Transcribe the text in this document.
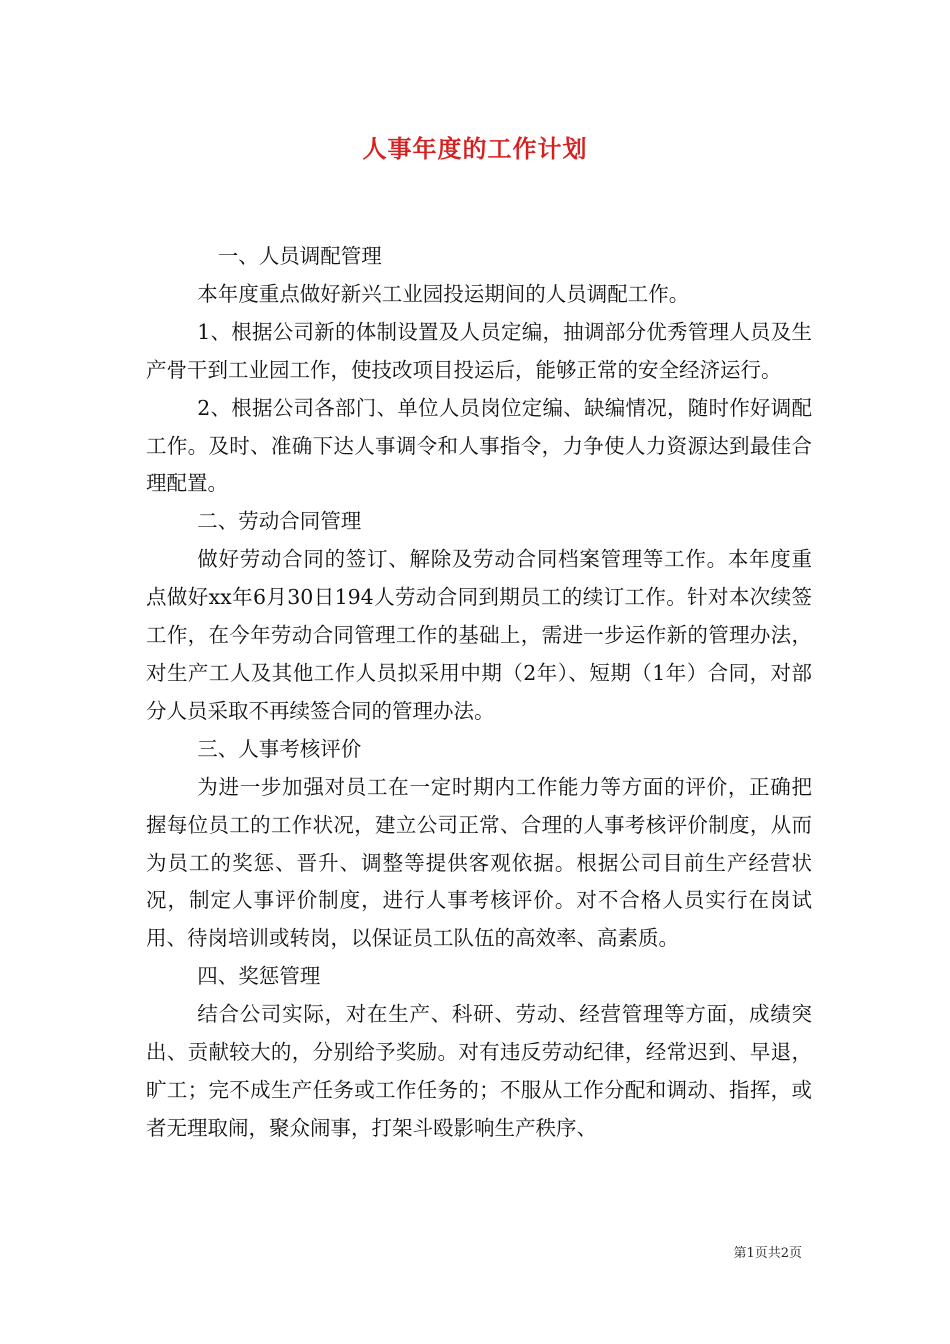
人事年度的工作计划

一、人员调配管理

本年度重点做好新兴工业园投运期间的人员调配工作。

1、根据公司新的体制设置及人员定编，抽调部分优秀管理人员及生产骨干到工业园工作，使技改项目投运后，能够正常的安全经济运行。

2、根据公司各部门、单位人员岗位定编、缺编情况，随时作好调配工作。及时、准确下达人事调令和人事指令，力争使人力资源达到最佳合理配置。

二、劳动合同管理

做好劳动合同的签订、解除及劳动合同档案管理等工作。本年度重点做好xx年6月30日194人劳动合同到期员工的续订工作。针对本次续签工作，在今年劳动合同管理工作的基础上，需进一步运作新的管理办法，对生产工人及其他工作人员拟采用中期（2年）、短期（1年）合同，对部分人员采取不再续签合同的管理办法。

三、人事考核评价

为进一步加强对员工在一定时期内工作能力等方面的评价，正确把握每位员工的工作状况，建立公司正常、合理的人事考核评价制度，从而为员工的奖惩、晋升、调整等提供客观依据。根据公司目前生产经营状况，制定人事评价制度，进行人事考核评价。对不合格人员实行在岗试用、待岗培训或转岗，以保证员工队伍的高效率、高素质。

四、奖惩管理

结合公司实际，对在生产、科研、劳动、经营管理等方面，成绩突出、贡献较大的，分别给予奖励。对有违反劳动纪律，经常迟到、早退，旷工；完不成生产任务或工作任务的；不服从工作分配和调动、指挥，或者无理取闹，聚众闹事，打架斗殴影响生产秩序、

第1页共2页
